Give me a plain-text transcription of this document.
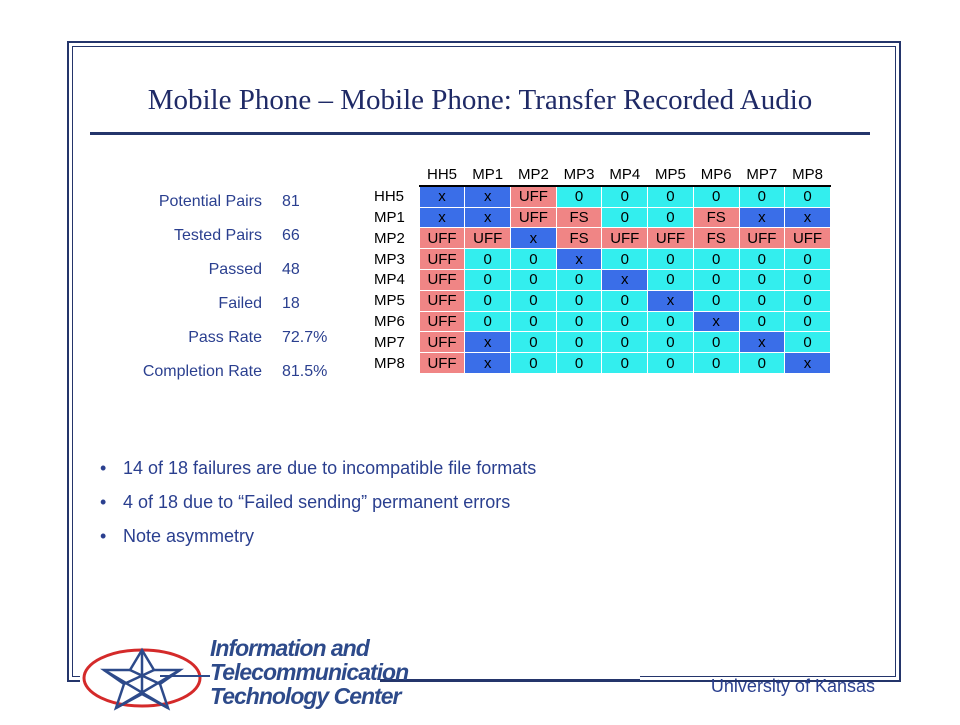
Mobile Phone – Mobile Phone: Transfer Recorded Audio
Potential Pairs 81
Tested Pairs 66
Passed 48
Failed 18
Pass Rate 72.7%
Completion Rate 81.5%
	HH5	MP1	MP2	MP3	MP4	MP5	MP6	MP7	MP8
HH5	x	x	UFF	0	0	0	0	0	0
MP1	x	x	UFF	FS	0	0	FS	x	x
MP2	UFF	UFF	x	FS	UFF	UFF	FS	UFF	UFF
MP3	UFF	0	0	x	0	0	0	0	0
MP4	UFF	0	0	0	x	0	0	0	0
MP5	UFF	0	0	0	0	x	0	0	0
MP6	UFF	0	0	0	0	0	x	0	0
MP7	UFF	x	0	0	0	0	0	x	0
MP8	UFF	x	0	0	0	0	0	0	x
• 14 of 18 failures are due to incompatible file formats
• 4 of 18 due to “Failed sending” permanent errors
• Note asymmetry
Information and
Telecommunication
Technology Center	University of Kansas
